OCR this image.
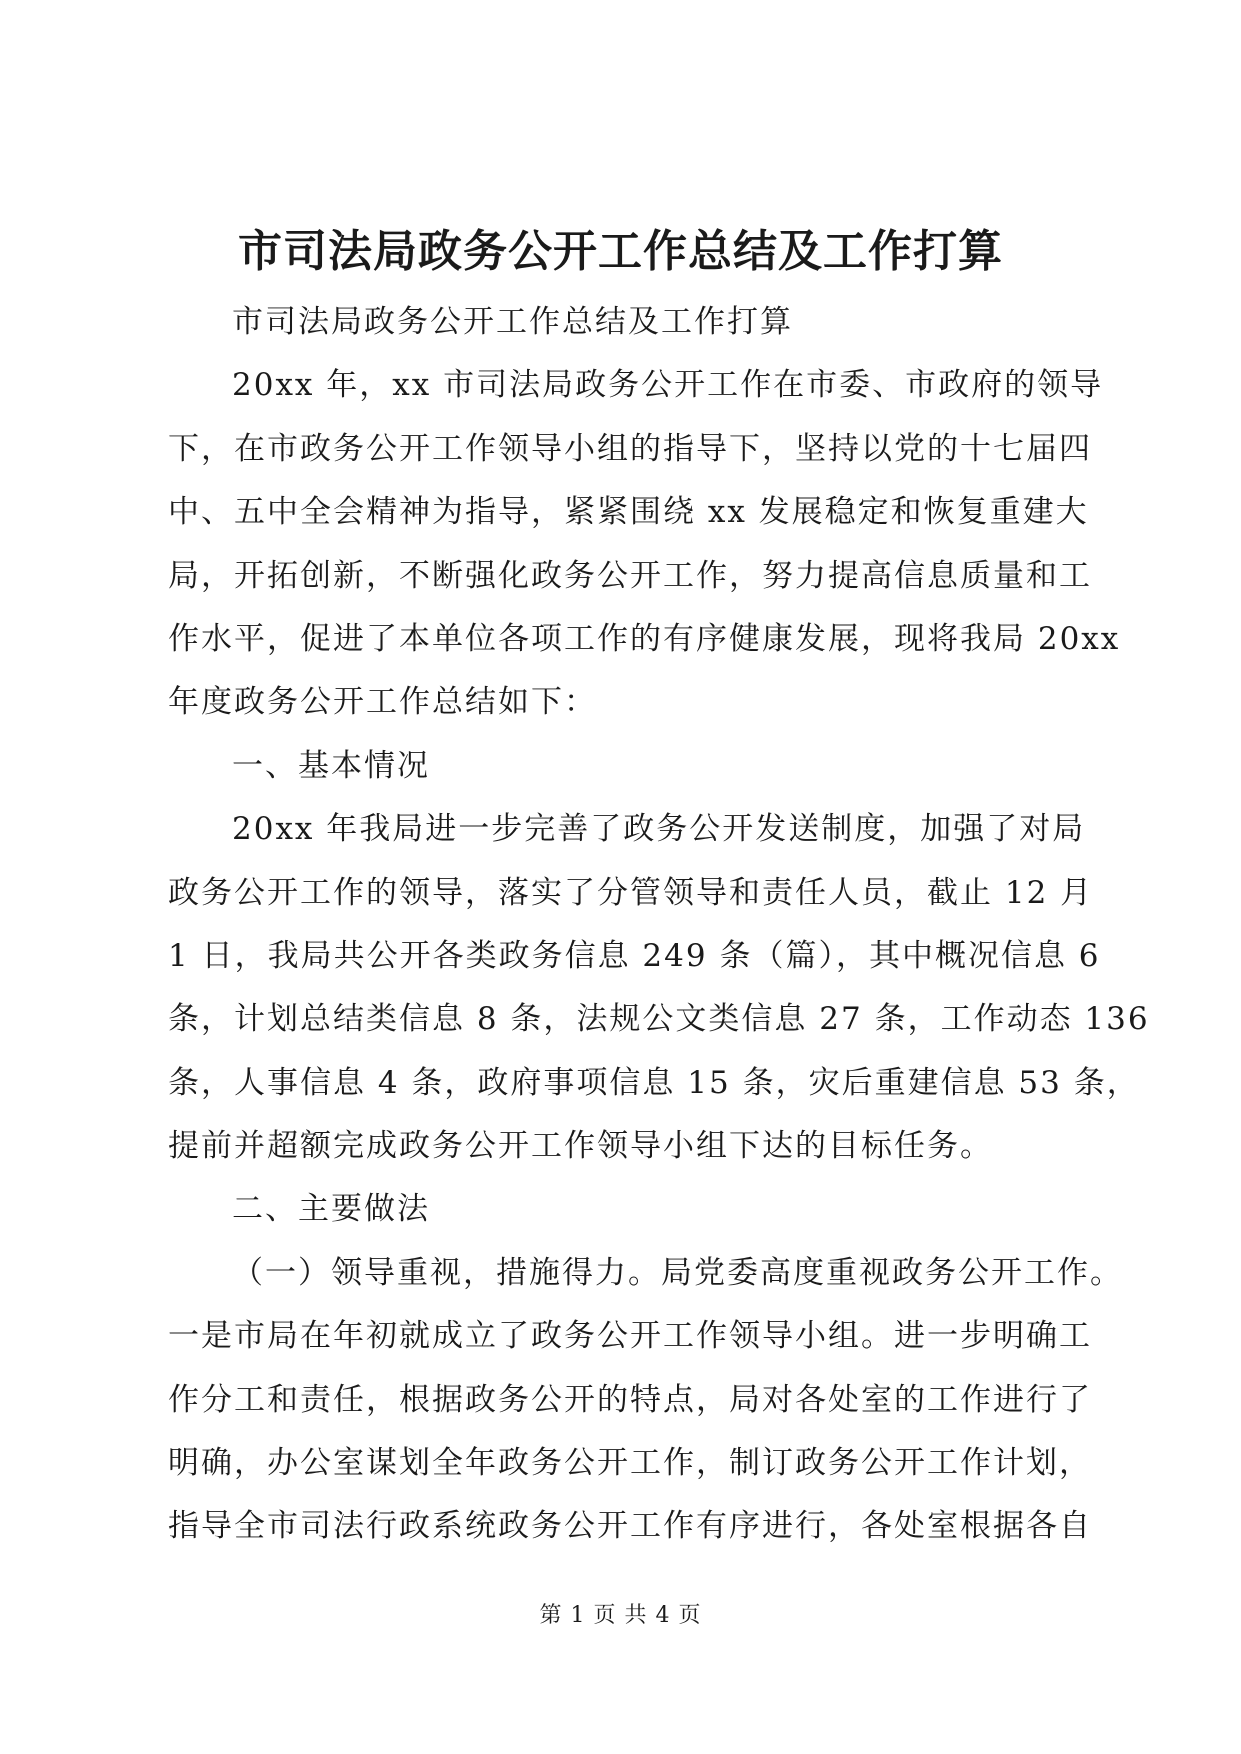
市司法局政务公开工作总结及工作打算
市司法局政务公开工作总结及工作打算
20xx 年，xx 市司法局政务公开工作在市委、市政府的领导
下，在市政务公开工作领导小组的指导下，坚持以党的十七届四
中、五中全会精神为指导，紧紧围绕 xx 发展稳定和恢复重建大
局，开拓创新，不断强化政务公开工作，努力提高信息质量和工
作水平，促进了本单位各项工作的有序健康发展，现将我局 20xx
年度政务公开工作总结如下：
一、基本情况
20xx 年我局进一步完善了政务公开发送制度，加强了对局
政务公开工作的领导，落实了分管领导和责任人员，截止 12 月
1 日，我局共公开各类政务信息 249 条（篇），其中概况信息 6
条，计划总结类信息 8 条，法规公文类信息 27 条，工作动态 136
条，人事信息 4 条，政府事项信息 15 条，灾后重建信息 53 条，
提前并超额完成政务公开工作领导小组下达的目标任务。
二、主要做法
（一）领导重视，措施得力。局党委高度重视政务公开工作。
一是市局在年初就成立了政务公开工作领导小组。进一步明确工
作分工和责任，根据政务公开的特点，局对各处室的工作进行了
明确，办公室谋划全年政务公开工作，制订政务公开工作计划，
指导全市司法行政系统政务公开工作有序进行，各处室根据各自
第 1 页 共 4 页
